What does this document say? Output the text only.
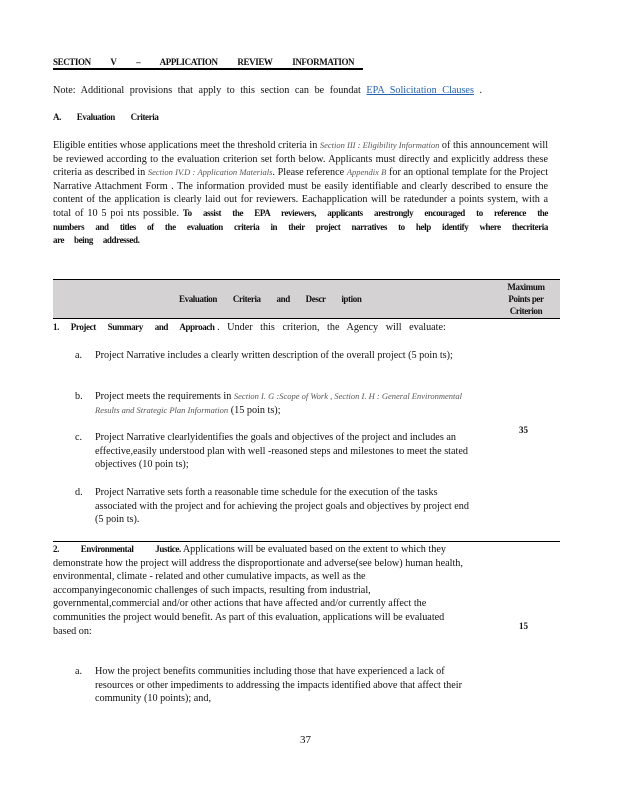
SECTION V – APPLICATION REVIEW INFORMATION
Note: Additional provisions that apply to this section can be foundat EPA Solicitation Clauses .
A. Evaluation Criteria
Eligible entities whose applications meet the threshold criteria in Section III : Eligibility Information of this announcement will be reviewed according to the evaluation criterion set forth below. Applicants must directly and explicitly address these criteria as described in Section IV.D : Application Materials. Please reference Appendix B for an optional template for the Project Narrative Attachment Form . The information provided must be easily identifiable and clearly described to ensure the content of the application is clearly laid out for reviewers. Eachapplication will be ratedunder a points system, with a total of 10 5 poi nts possible. To assist the EPA reviewers, applicants arestrongly encouraged to reference the numbers and titles of the evaluation criteria in their project narratives to help identify where thecriteria are being addressed.
Evaluation Criteria and Descr iption
Maximum Points per Criterion
1. Project Summary and Approach . Under this criterion, the Agency will evaluate:
a. Project Narrative includes a clearly written description of the overall project (5 poin ts);
b. Project meets the requirements in Section I. G :Scope of Work , Section I. H : General Environmental Results and Strategic Plan Information (15 poin ts);
c. Project Narrative clearlyidentifies the goals and objectives of the project and includes an effective,easily understood plan with well -reasoned steps and milestones to meet the stated objectives (10 poin ts);
d. Project Narrative sets forth a reasonable time schedule for the execution of the tasks associated with the project and for achieving the project goals and objectives by project end (5 poin ts).
35
2. Environmental Justice. Applications will be evaluated based on the extent to which they demonstrate how the project will address the disproportionate and adverse(see below) human health, environmental, climate - related and other cumulative impacts, as well as the accompanyingeconomic challenges of such impacts, resulting from industrial, governmental,commercial and/or other actions that have affected and/or currently affect the communities the project would benefit. As part of this evaluation, applications will be evaluated based on:
a. How the project benefits communities including those that have experienced a lack of resources or other impediments to addressing the impacts identified above that affect their community (10 points); and,
15
37
